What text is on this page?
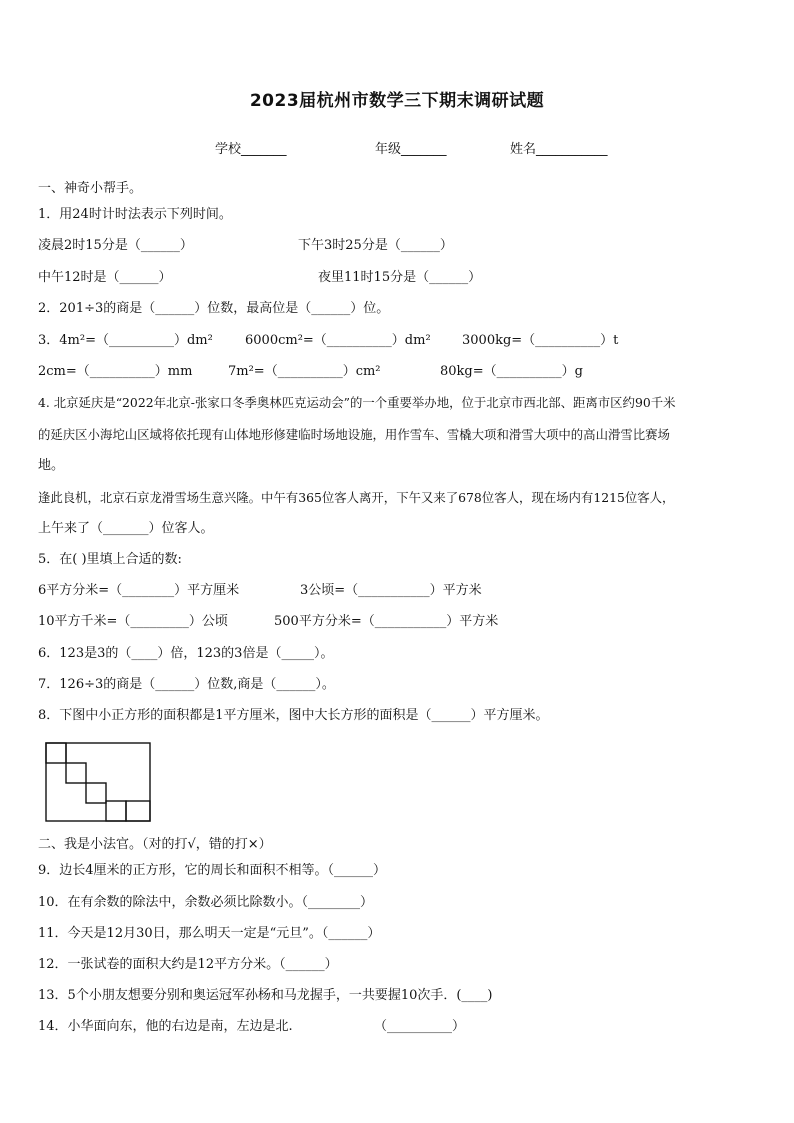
2023届杭州市数学三下期末调研试题
学校_______	年级_______	姓名___________
一、神奇小帮手。
1．用24时计时法表示下列时间。
凌晨2时15分是（______）	下午3时25分是（______）
中午12时是（______）	夜里11时15分是（______）
2．201÷3的商是（______）位数，最高位是（______）位。
3．4m²=（__________）dm² 6000cm²=（__________）dm² 3000kg=（__________）t
2cm=（__________）mm	7m²=（__________）cm²	80kg=（__________）g
4. 北京延庆是“2022年北京-张家口冬季奥林匹克运动会”的一个重要举办地，位于北京市西北部、距离市区约90千米
的延庆区小海坨山区域将依托现有山体地形修建临时场地设施，用作雪车、雪橇大项和滑雪大项中的高山滑雪比赛场
地。
逢此良机，北京石京龙滑雪场生意兴隆。中午有365位客人离开，下午又来了678位客人，现在场内有1215位客人，
上午来了（_______）位客人。
5．在( )里填上合适的数:
6平方分米=（________）平方厘米	3公顷=（___________）平方米
10平方千米=（_________）公顷	500平方分米=（___________）平方米
6．123是3的（____）倍，123的3倍是（_____）。
7．126÷3的商是（______）位数,商是（______）。
8．下图中小正方形的面积都是1平方厘米，图中大长方形的面积是（______）平方厘米。
二、我是小法官。（对的打√，错的打×）
9．边长4厘米的正方形，它的周长和面积不相等。（______）
10．在有余数的除法中，余数必须比除数小。（________）
11．今天是12月30日，那么明天一定是“元旦”。（______）
12．一张试卷的面积大约是12平方分米。（______）
13．5个小朋友想要分别和奥运冠军孙杨和马龙握手，一共要握10次手．(____)
14．小华面向东，他的右边是南，左边是北.	（__________）
